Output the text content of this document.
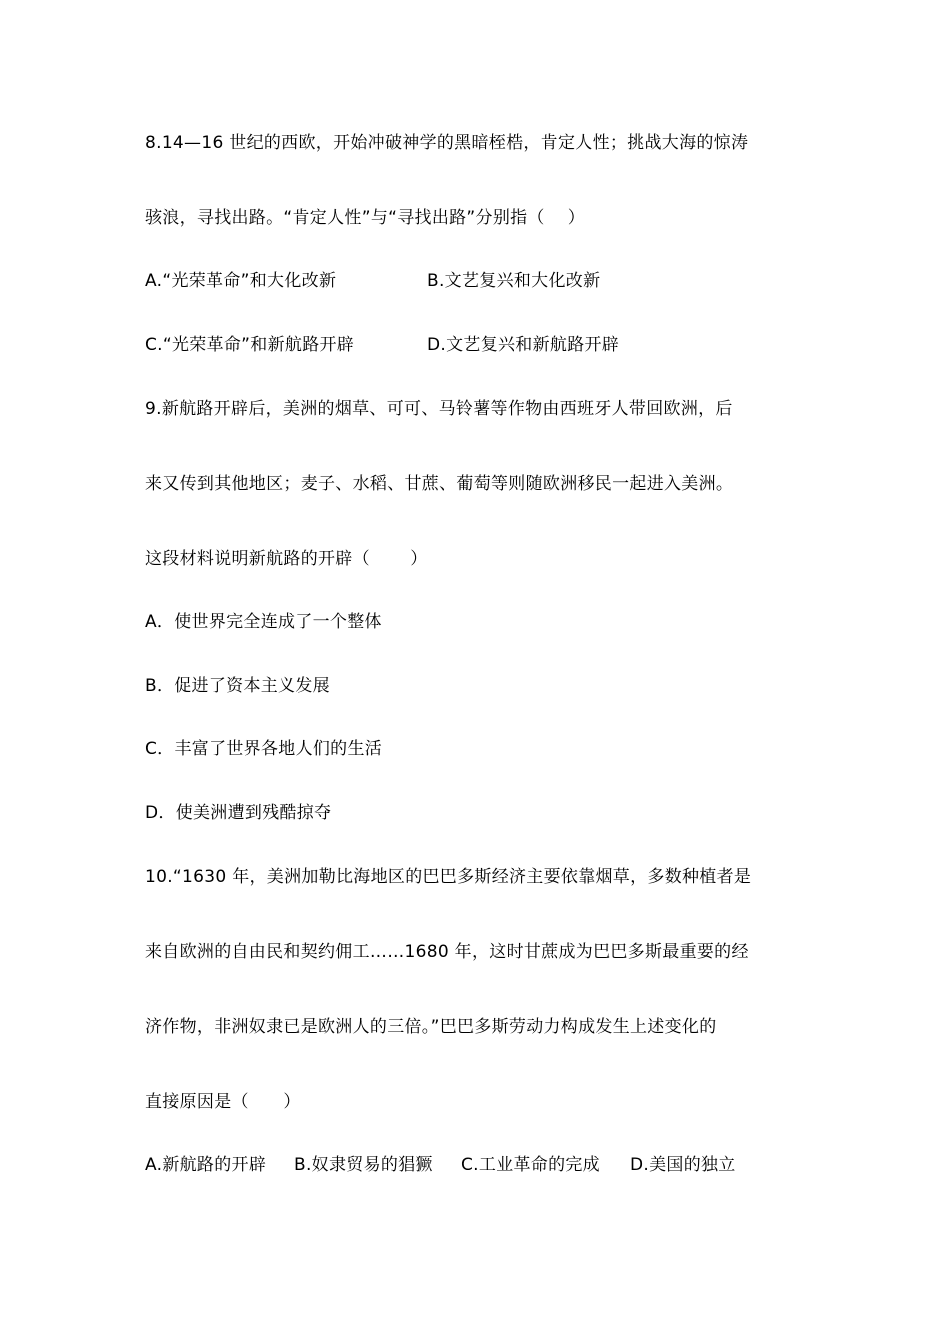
8.14—16 世纪的西欧，开始冲破神学的黑暗桎梏，肯定人性；挑战大海的惊涛
骇浪，寻找出路。“肯定人性”与“寻找出路”分别指（　 ）
A.“光荣革命”和大化改新	B.文艺复兴和大化改新
C.“光荣革命”和新航路开辟	D.文艺复兴和新航路开辟
9.新航路开辟后，美洲的烟草、可可、马铃薯等作物由西班牙人带回欧洲，后
来又传到其他地区；麦子、水稻、甘蔗、葡萄等则随欧洲移民一起进入美洲。
这段材料说明新航路的开辟（　　 ）
A．使世界完全连成了一个整体
B．促进了资本主义发展
C．丰富了世界各地人们的生活
D．使美洲遭到残酷掠夺
10.“1630 年，美洲加勒比海地区的巴巴多斯经济主要依靠烟草，多数种植者是
来自欧洲的自由民和契约佣工……1680 年，这时甘蔗成为巴巴多斯最重要的经
济作物，非洲奴隶已是欧洲人的三倍。”巴巴多斯劳动力构成发生上述变化的
直接原因是（　　）
A.新航路的开辟 B.奴隶贸易的猖獗 C.工业革命的完成 D.美国的独立
